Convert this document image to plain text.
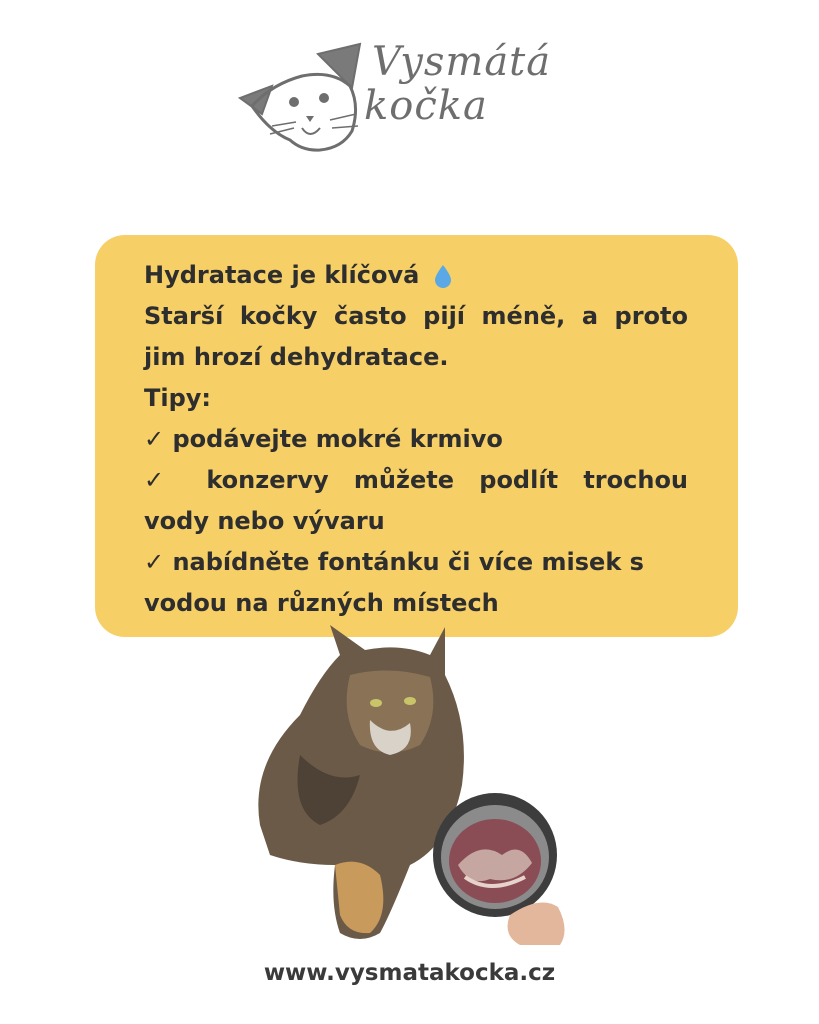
Vysmátá
kočka
Hydratace je klíčová
Starší kočky často pijí méně, a proto
jim hrozí dehydratace.
Tipy:
✓ podávejte mokré krmivo
✓ konzervy můžete podlít trochou
vody nebo vývaru
✓ nabídněte fontánku či více misek s
vodou na různých místech
www.vysmatakocka.cz
